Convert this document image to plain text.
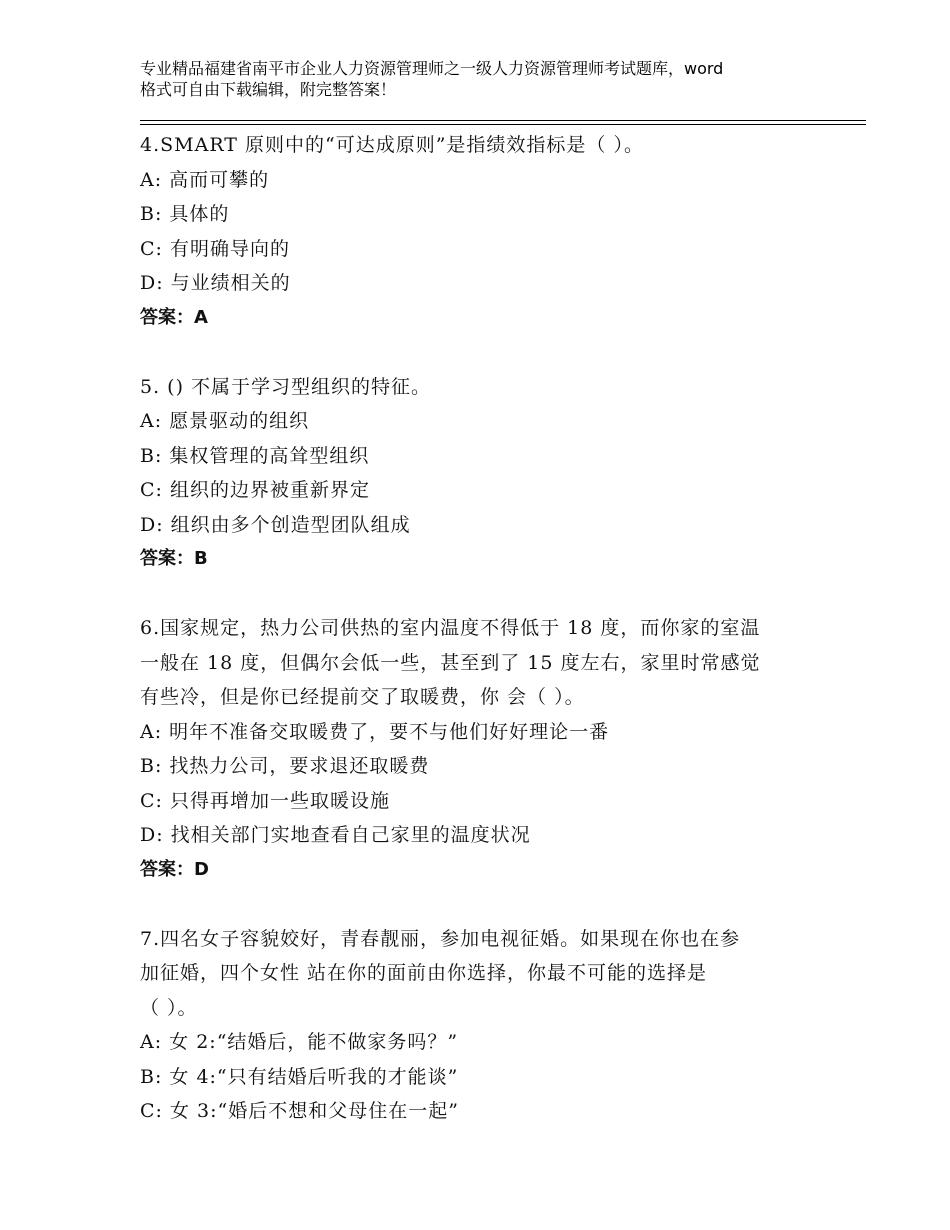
专业精品福建省南平市企业人力资源管理师之一级人力资源管理师考试题库，word
格式可自由下载编辑，附完整答案！

4.SMART 原则中的“可达成原则”是指绩效指标是（ ）。

A: 高而可攀的

B: 具体的

C: 有明确导向的

D: 与业绩相关的

答案：A

5. () 不属于学习型组织的特征。

A: 愿景驱动的组织

B: 集权管理的高耸型组织

C: 组织的边界被重新界定

D: 组织由多个创造型团队组成

答案：B

6.国家规定，热力公司供热的室内温度不得低于 18 度，而你家的室温

一般在 18 度，但偶尔会低一些，甚至到了 15 度左右，家里时常感觉

有些冷，但是你已经提前交了取暖费，你 会（ ）。

A: 明年不准备交取暖费了，要不与他们好好理论一番

B: 找热力公司，要求退还取暖费

C: 只得再增加一些取暖设施

D: 找相关部门实地查看自己家里的温度状况

答案：D

7.四名女子容貌姣好，青春靓丽，参加电视征婚。如果现在你也在参

加征婚，四个女性 站在你的面前由你选择，你最不可能的选择是

（ ）。

A: 女 2:“结婚后，能不做家务吗？”

B: 女 4:“只有结婚后听我的才能谈”

C: 女 3:“婚后不想和父母住在一起”
